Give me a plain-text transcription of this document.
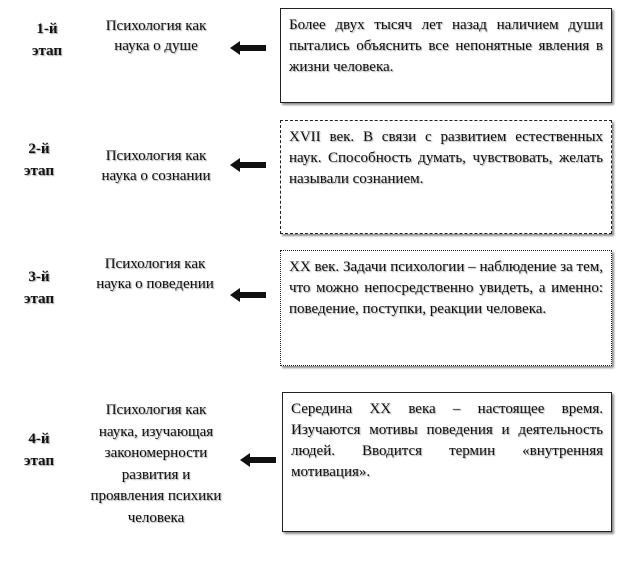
1-й
этап
Психология как наука о душе
Более двух тысяч лет назад наличием души пытались объяснить все непонятные явления в жизни человека.
2-й
этап
Психология как наука о сознании
XVII век. В связи с развитием естественных наук. Способность думать, чувствовать, желать называли сознанием.
3-й
этап
Психология как наука о поведении
XX век. Задачи психологии – наблюдение за тем, что можно непосредственно увидеть, а именно: поведение, поступки, реакции человека.
4-й
этап
Психология как наука, изучающая закономерности развития и проявления психики человека
Середина XX века – настоящее время. Изучаются мотивы поведения и деятельность людей. Вводится термин «внутренняя мотивация».
